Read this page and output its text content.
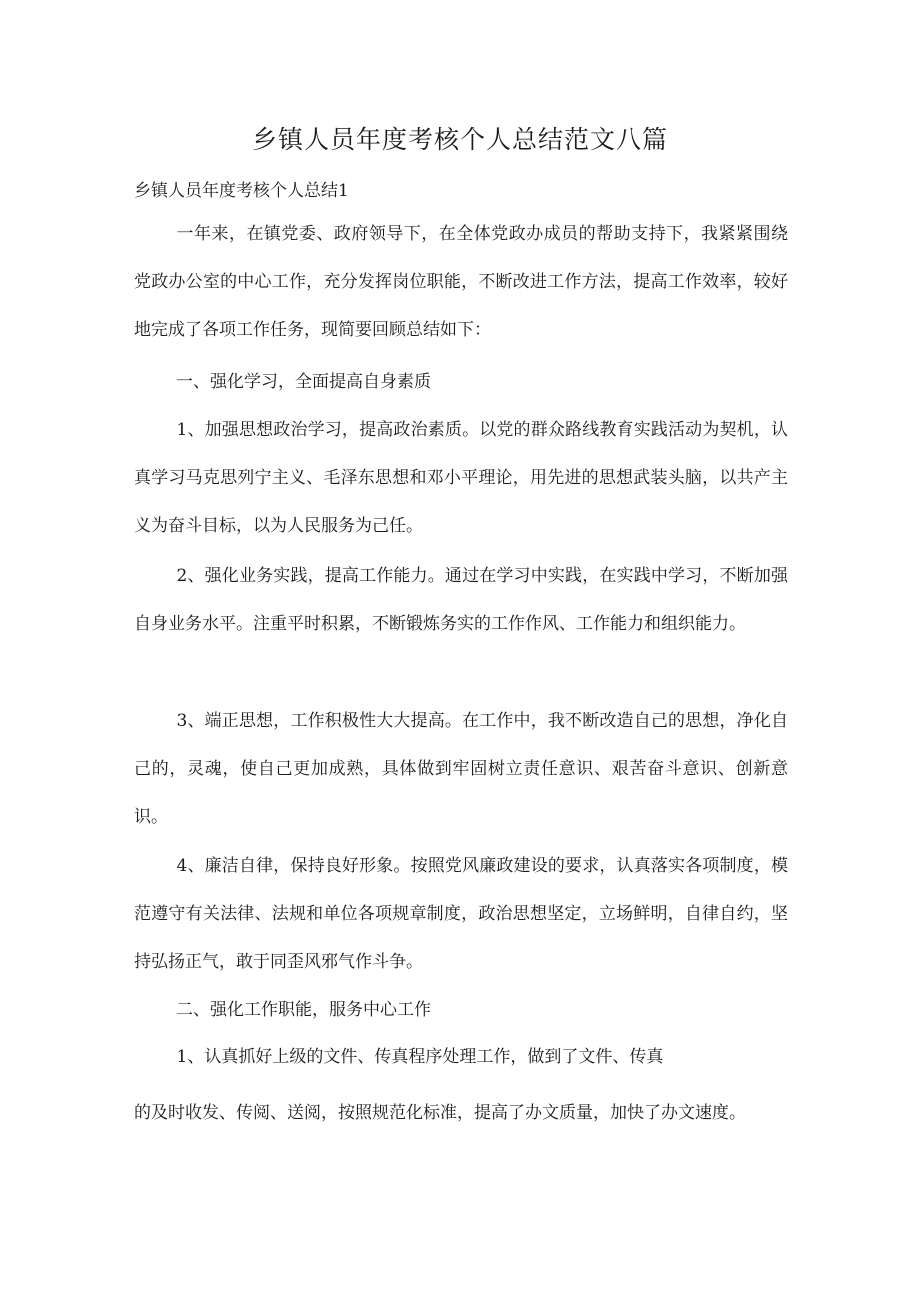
乡镇人员年度考核个人总结范文八篇

乡镇人员年度考核个人总结1

一年来，在镇党委、政府领导下，在全体党政办成员的帮助支持下，我紧紧围绕党政办公室的中心工作，充分发挥岗位职能，不断改进工作方法，提高工作效率，较好地完成了各项工作任务，现简要回顾总结如下：

一、强化学习，全面提高自身素质

1、加强思想政治学习，提高政治素质。以党的群众路线教育实践活动为契机，认真学习马克思列宁主义、毛泽东思想和邓小平理论，用先进的思想武装头脑，以共产主义为奋斗目标，以为人民服务为己任。

2、强化业务实践，提高工作能力。通过在学习中实践，在实践中学习，不断加强自身业务水平。注重平时积累，不断锻炼务实的工作作风、工作能力和组织能力。

3、端正思想，工作积极性大大提高。在工作中，我不断改造自己的思想，净化自己的，灵魂，使自己更加成熟，具体做到牢固树立责任意识、艰苦奋斗意识、创新意识。

4、廉洁自律，保持良好形象。按照党风廉政建设的要求，认真落实各项制度，模范遵守有关法律、法规和单位各项规章制度，政治思想坚定，立场鲜明，自律自约，坚持弘扬正气，敢于同歪风邪气作斗争。

二、强化工作职能，服务中心工作

1、认真抓好上级的文件、传真程序处理工作，做到了文件、传真

的及时收发、传阅、送阅，按照规范化标准，提高了办文质量，加快了办文速度。
